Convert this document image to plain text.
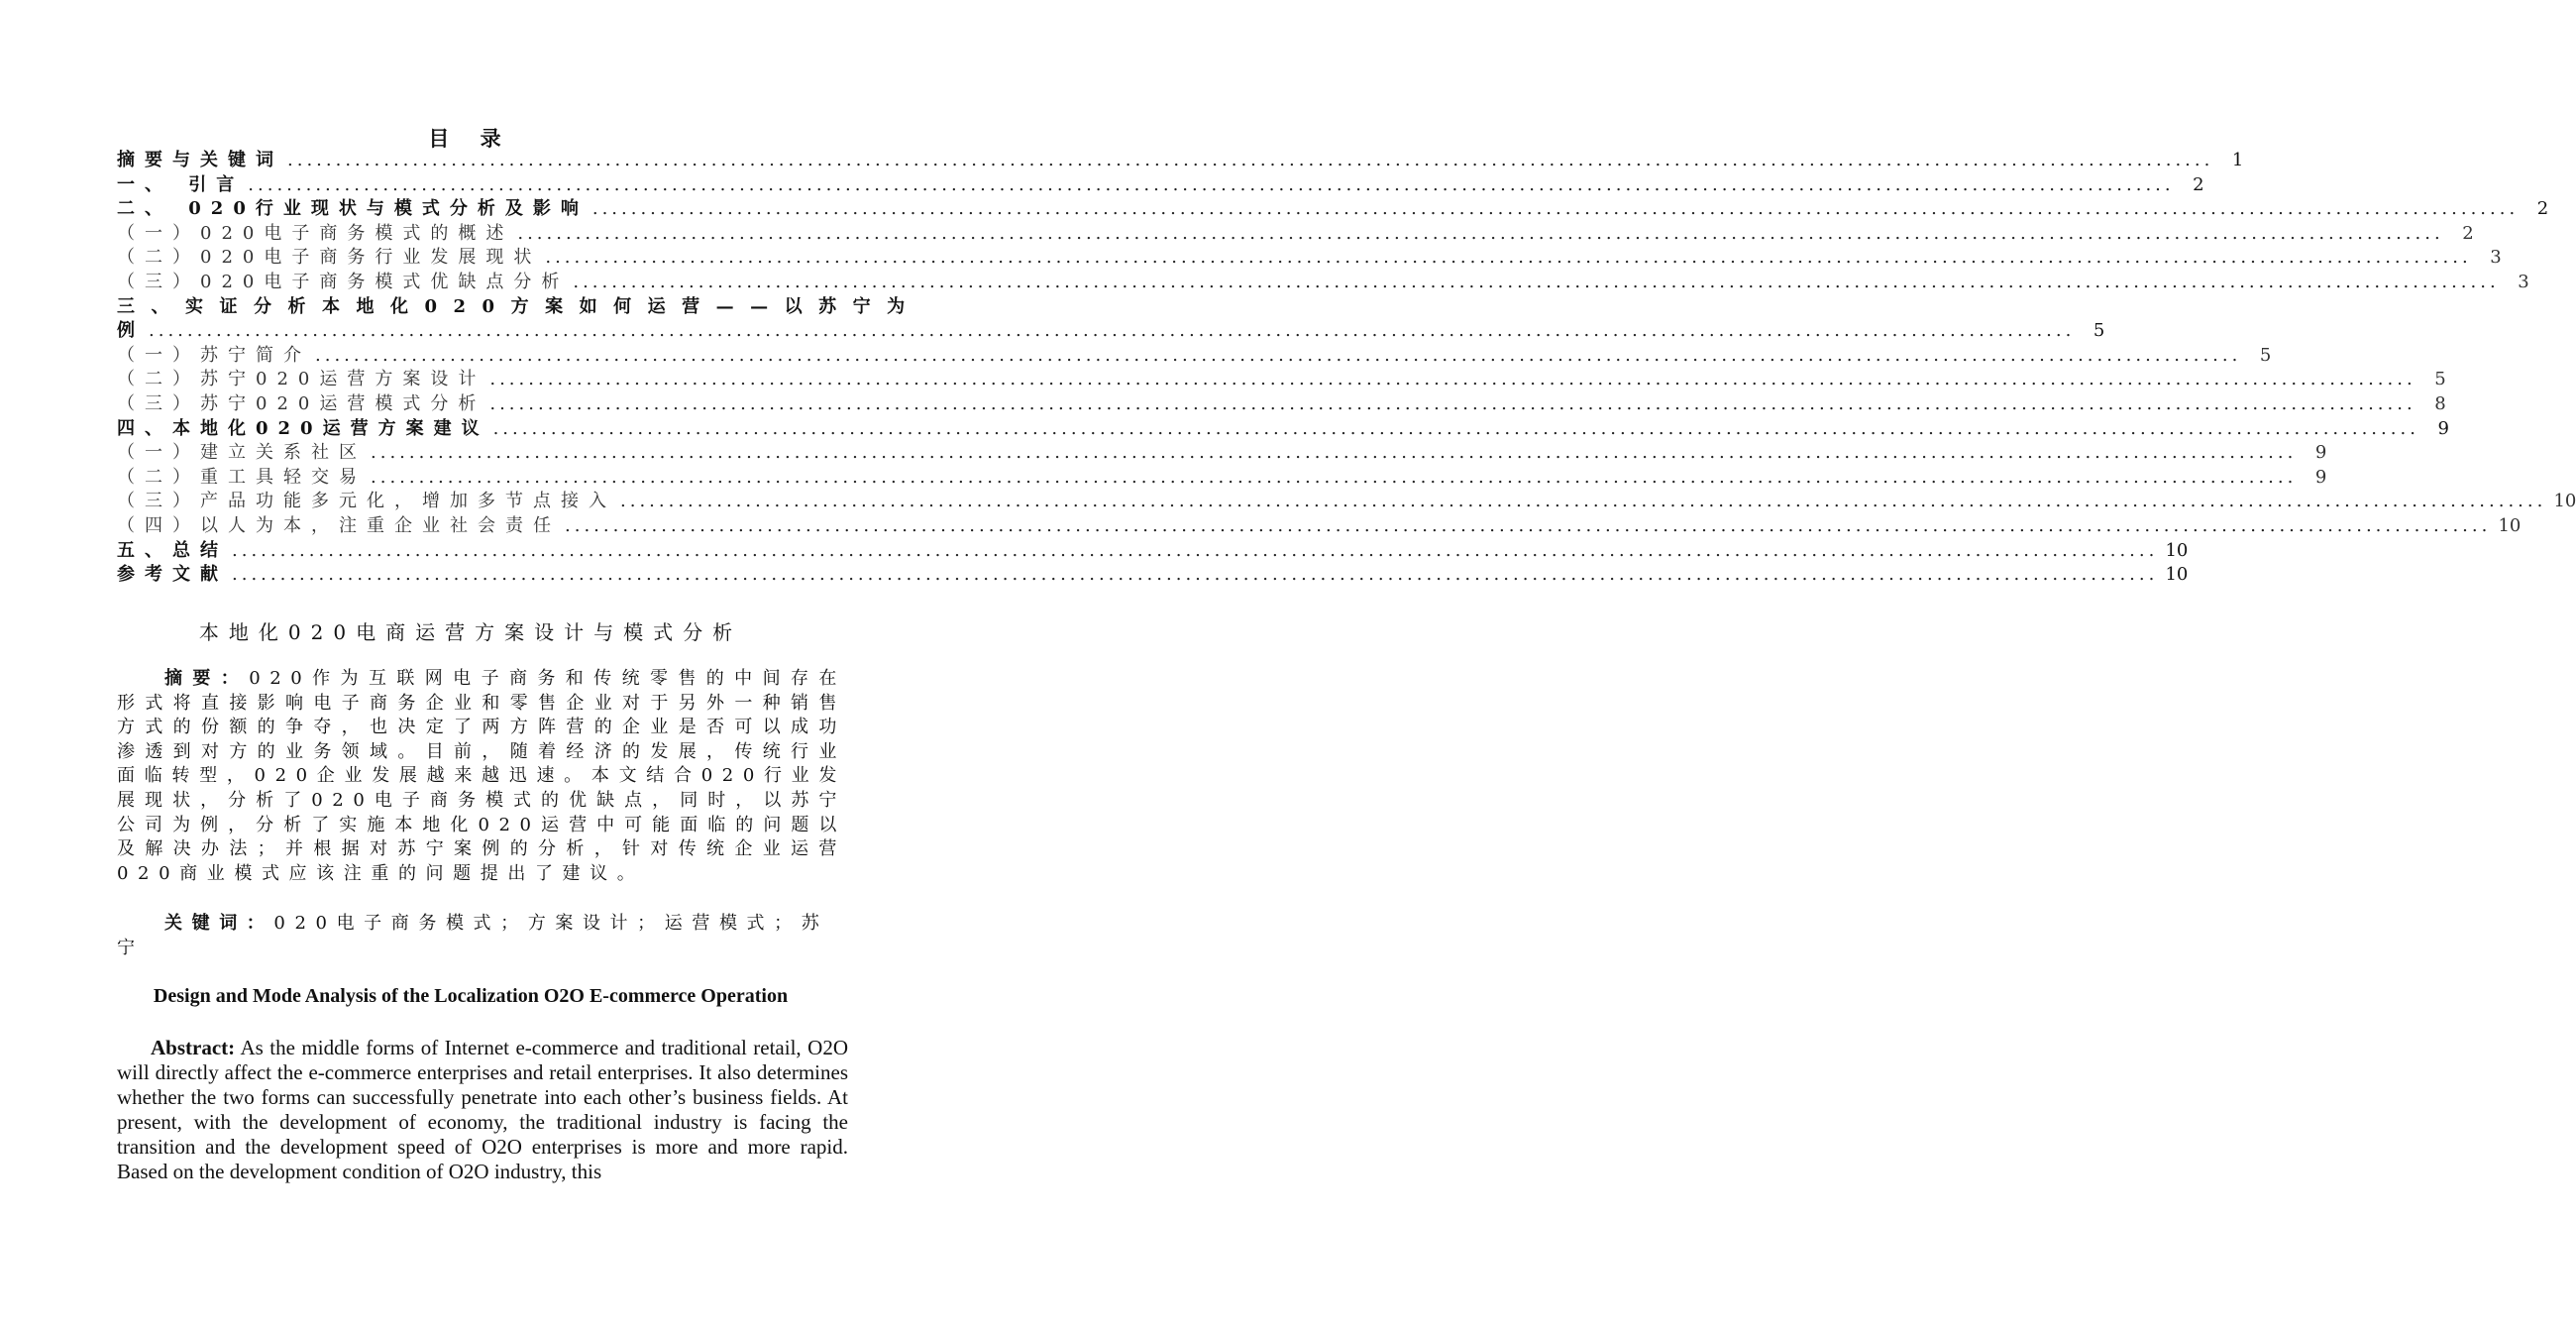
目 录
摘要与关键词 ........................................................................................................................................................................................................	1
一、 引言 ........................................................................................................................................................................................................	2
二、 020行业现状与模式分析及影响 ........................................................................................................................................................................................................	2
（一）020电子商务模式的概述 ........................................................................................................................................................................................................	2
（二）020电子商务行业发展现状 ........................................................................................................................................................................................................	3
（三）020电子商务模式优缺点分析 ........................................................................................................................................................................................................	3
三、实证分析本地化020方案如何运营——以苏宁为
例 ........................................................................................................................................................................................................	5
（一）苏宁简介 ........................................................................................................................................................................................................	5
（二）苏宁020运营方案设计 ........................................................................................................................................................................................................	5
（三）苏宁020运营模式分析 ........................................................................................................................................................................................................	8
四、本地化020运营方案建议 ........................................................................................................................................................................................................	9
（一）建立关系社区 ........................................................................................................................................................................................................	9
（二）重工具轻交易 ........................................................................................................................................................................................................	9
（三）产品功能多元化，增加多节点接入 ........................................................................................................................................................................................................ 10
（四）以人为本，注重企业社会责任 ........................................................................................................................................................................................................ 10
五、总结 ........................................................................................................................................................................................................ 10
参考文献 ........................................................................................................................................................................................................ 10
本地化020电商运营方案设计与模式分析
摘要：020作为互联网电子商务和传统零售的中间存在形式将直接影响电子商务企业和零售企业对于另外一种销售方式的份额的争夺，也决定了两方阵营的企业是否可以成功渗透到对方的业务领域。目前，随着经济的发展，传统行业面临转型，020企业发展越来越迅速。本文结合020行业发展现状，分析了020电子商务模式的优缺点，同时，以苏宁公司为例，分析了实施本地化020运营中可能面临的问题以及解决办法；并根据对苏宁案例的分析，针对传统企业运营020商业模式应该注重的问题提出了建议。
关键词：020电子商务模式；方案设计；运营模式；苏宁
Design and Mode Analysis of the Localization O2O E-commerce Operation
Abstract: As the middle forms of Internet e-commerce and traditional retail, O2O will directly affect the e-commerce enterprises and retail enterprises. It also determines whether the two forms can successfully penetrate into each other’s business fields. At present, with the development of economy, the traditional industry is facing the transition and the development speed of O2O enterprises is more and more rapid. Based on the development condition of O2O industry, this
